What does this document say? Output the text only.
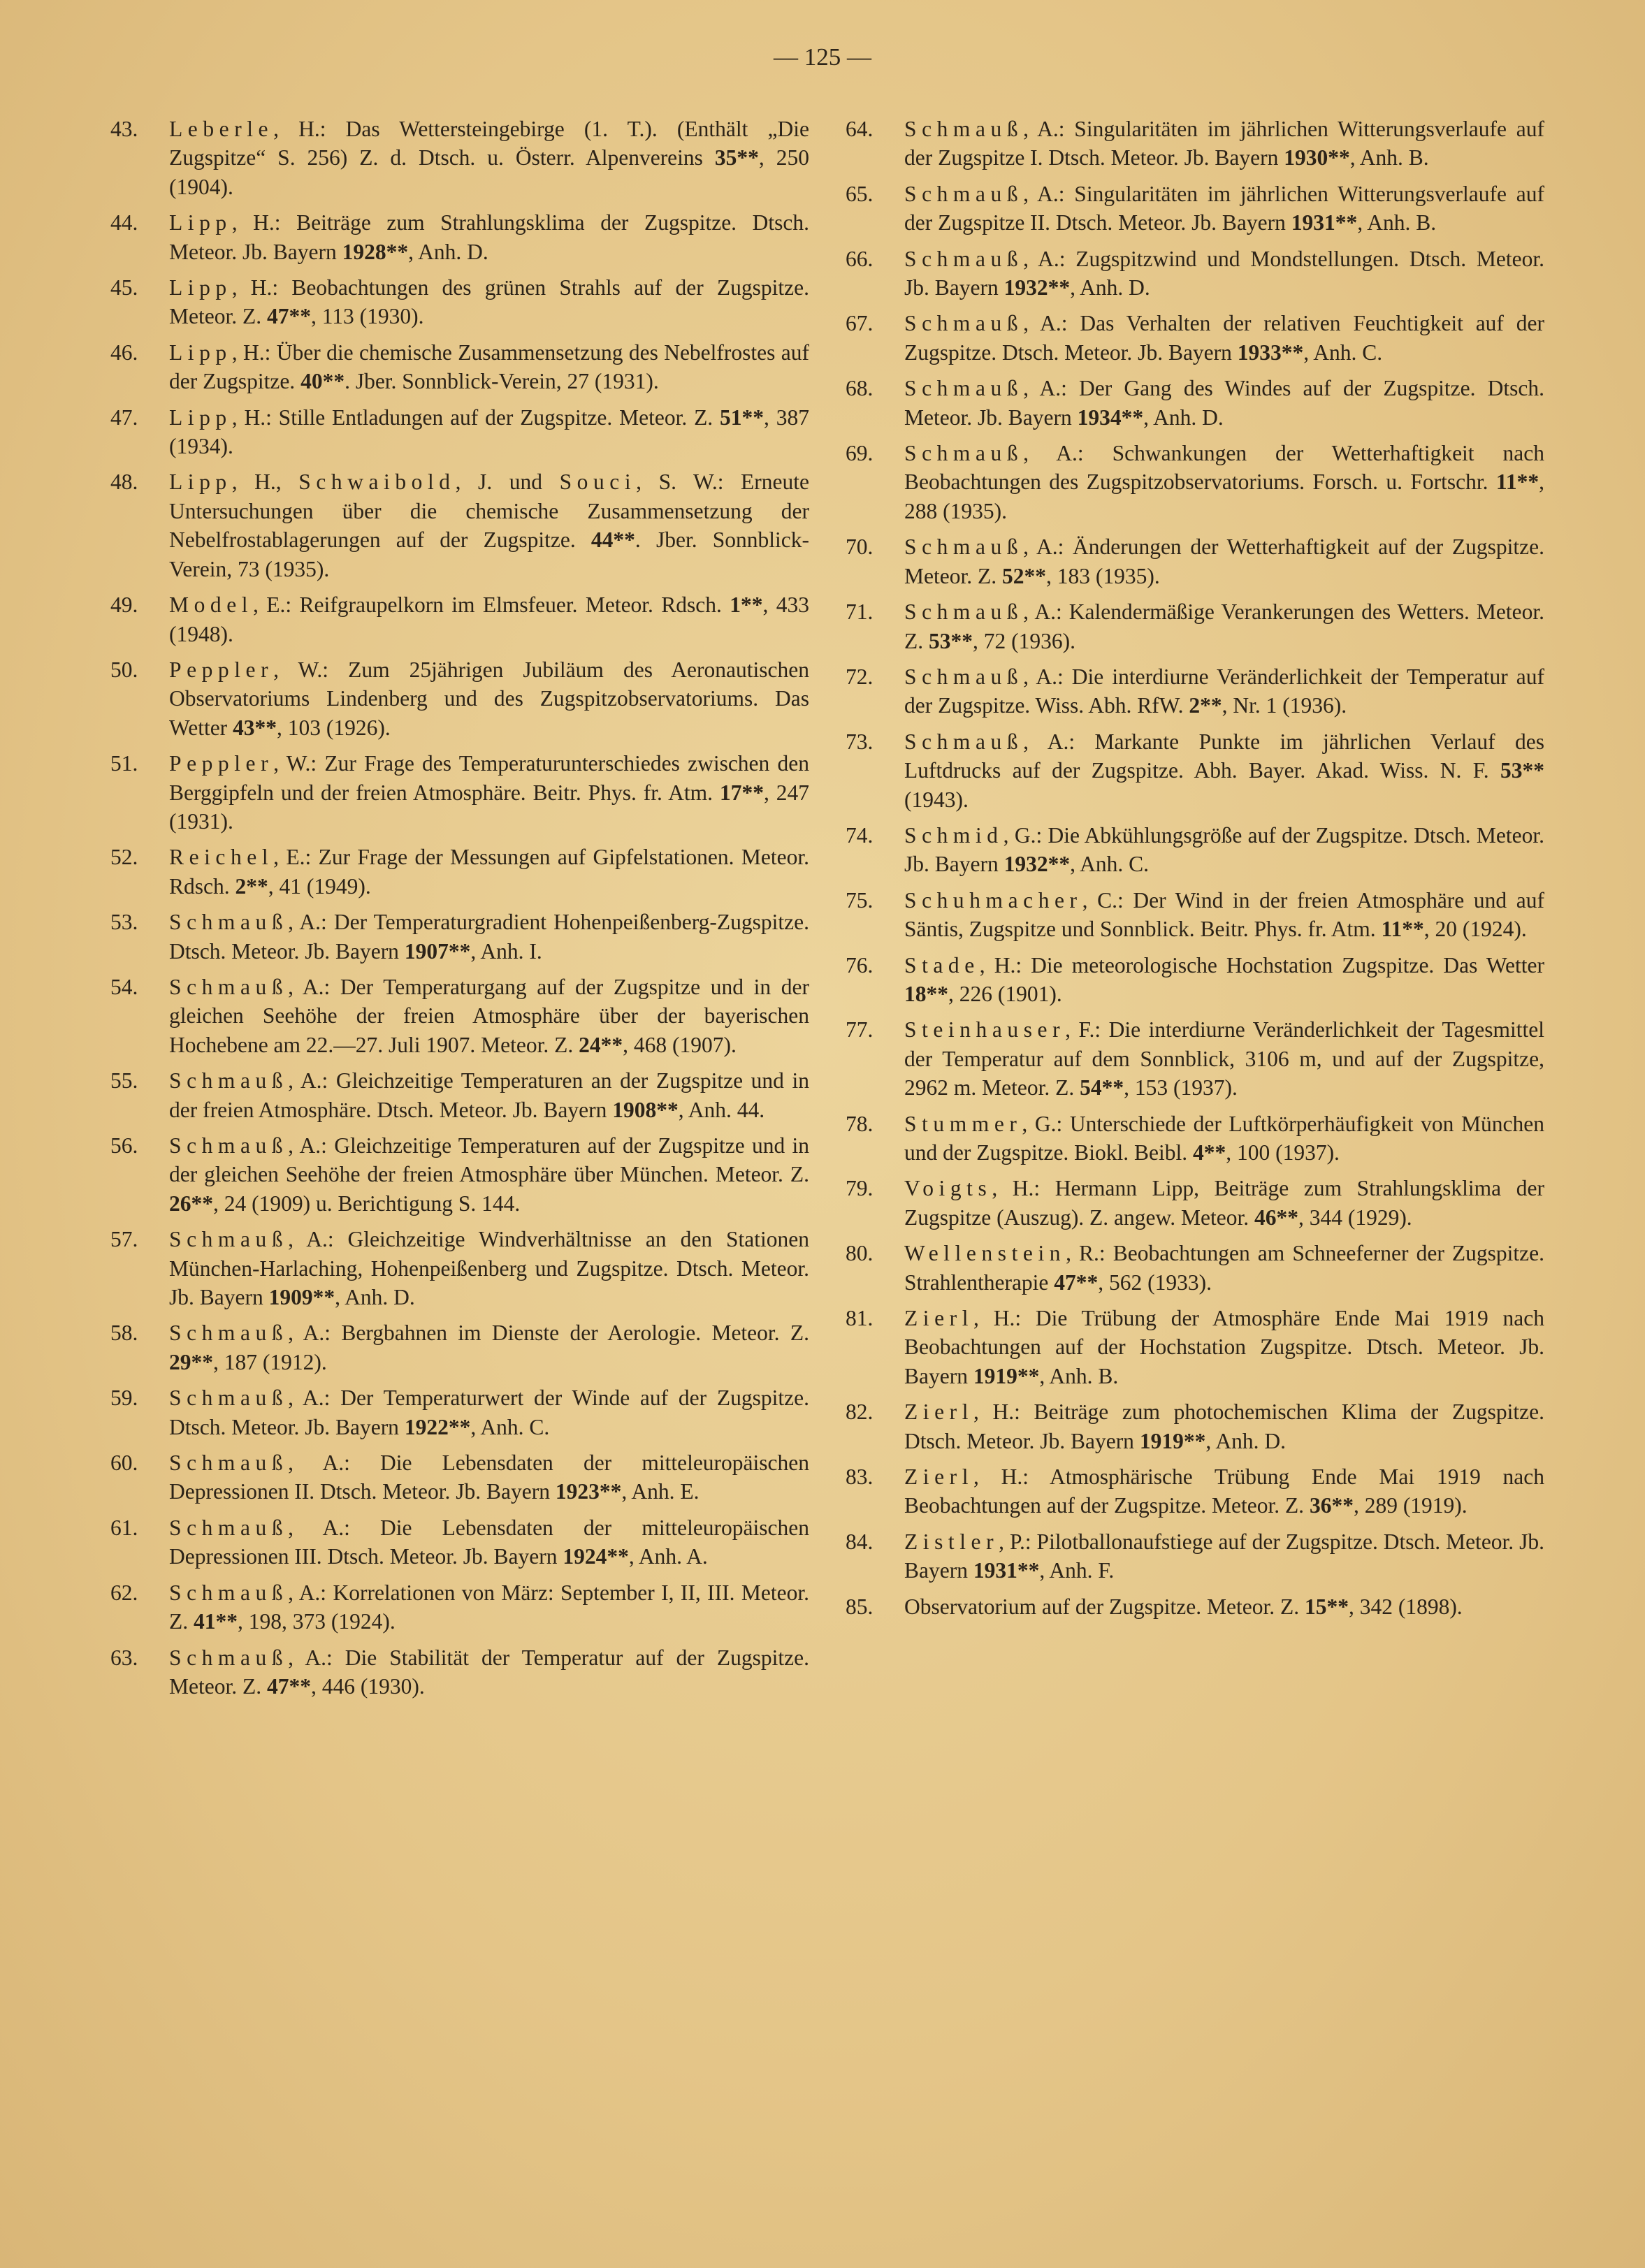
— 125 —
43. Leberle, H.: Das Wettersteingebirge (1. T.). (Enthält „Die Zugspitze“ S. 256) Z. d. Dtsch. u. Österr. Alpenvereins 35**, 250 (1904).
44. Lipp, H.: Beiträge zum Strahlungsklima der Zugspitze. Dtsch. Meteor. Jb. Bayern 1928**, Anh. D.
45. Lipp, H.: Beobachtungen des grünen Strahls auf der Zugspitze. Meteor. Z. 47**, 113 (1930).
46. Lipp, H.: Über die chemische Zusammensetzung des Nebelfrostes auf der Zugspitze. 40**. Jber. Sonnblick-Verein, 27 (1931).
47. Lipp, H.: Stille Entladungen auf der Zugspitze. Meteor. Z. 51**, 387 (1934).
48. Lipp, H., Schwaibold, J. und Souci, S. W.: Erneute Untersuchungen über die chemische Zusammensetzung der Nebelfrostablagerungen auf der Zugspitze. 44**. Jber. Sonnblick-Verein, 73 (1935).
49. Model, E.: Reifgraupelkorn im Elmsfeuer. Meteor. Rdsch. 1**, 433 (1948).
50. Peppler, W.: Zum 25jährigen Jubiläum des Aeronautischen Observatoriums Lindenberg und des Zugspitzobservatoriums. Das Wetter 43**, 103 (1926).
51. Peppler, W.: Zur Frage des Temperaturunterschiedes zwischen den Berggipfeln und der freien Atmosphäre. Beitr. Phys. fr. Atm. 17**, 247 (1931).
52. Reichel, E.: Zur Frage der Messungen auf Gipfelstationen. Meteor. Rdsch. 2**, 41 (1949).
53. Schmauß, A.: Der Temperaturgradient Hohenpeißenberg-Zugspitze. Dtsch. Meteor. Jb. Bayern 1907**, Anh. I.
54. Schmauß, A.: Der Temperaturgang auf der Zugspitze und in der gleichen Seehöhe der freien Atmosphäre über der bayerischen Hochebene am 22.—27. Juli 1907. Meteor. Z. 24**, 468 (1907).
55. Schmauß, A.: Gleichzeitige Temperaturen an der Zugspitze und in der freien Atmosphäre. Dtsch. Meteor. Jb. Bayern 1908**, Anh. 44.
56. Schmauß, A.: Gleichzeitige Temperaturen auf der Zugspitze und in der gleichen Seehöhe der freien Atmosphäre über München. Meteor. Z. 26**, 24 (1909) u. Berichtigung S. 144.
57. Schmauß, A.: Gleichzeitige Windverhältnisse an den Stationen München-Harlaching, Hohenpeißenberg und Zugspitze. Dtsch. Meteor. Jb. Bayern 1909**, Anh. D.
58. Schmauß, A.: Bergbahnen im Dienste der Aerologie. Meteor. Z. 29**, 187 (1912).
59. Schmauß, A.: Der Temperaturwert der Winde auf der Zugspitze. Dtsch. Meteor. Jb. Bayern 1922**, Anh. C.
60. Schmauß, A.: Die Lebensdaten der mitteleuropäischen Depressionen II. Dtsch. Meteor. Jb. Bayern 1923**, Anh. E.
61. Schmauß, A.: Die Lebensdaten der mitteleuropäischen Depressionen III. Dtsch. Meteor. Jb. Bayern 1924**, Anh. A.
62. Schmauß, A.: Korrelationen von März: September I, II, III. Meteor. Z. 41**, 198, 373 (1924).
63. Schmauß, A.: Die Stabilität der Temperatur auf der Zugspitze. Meteor. Z. 47**, 446 (1930).
64. Schmauß, A.: Singularitäten im jährlichen Witterungsverlaufe auf der Zugspitze I. Dtsch. Meteor. Jb. Bayern 1930**, Anh. B.
65. Schmauß, A.: Singularitäten im jährlichen Witterungsverlaufe auf der Zugspitze II. Dtsch. Meteor. Jb. Bayern 1931**, Anh. B.
66. Schmauß, A.: Zugspitzwind und Mondstellungen. Dtsch. Meteor. Jb. Bayern 1932**, Anh. D.
67. Schmauß, A.: Das Verhalten der relativen Feuchtigkeit auf der Zugspitze. Dtsch. Meteor. Jb. Bayern 1933**, Anh. C.
68. Schmauß, A.: Der Gang des Windes auf der Zugspitze. Dtsch. Meteor. Jb. Bayern 1934**, Anh. D.
69. Schmauß, A.: Schwankungen der Wetterhaftigkeit nach Beobachtungen des Zugspitzobservatoriums. Forsch. u. Fortschr. 11**, 288 (1935).
70. Schmauß, A.: Änderungen der Wetterhaftigkeit auf der Zugspitze. Meteor. Z. 52**, 183 (1935).
71. Schmauß, A.: Kalendermäßige Verankerungen des Wetters. Meteor. Z. 53**, 72 (1936).
72. Schmauß, A.: Die interdiurne Veränderlichkeit der Temperatur auf der Zugspitze. Wiss. Abh. RfW. 2**, Nr. 1 (1936).
73. Schmauß, A.: Markante Punkte im jährlichen Verlauf des Luftdrucks auf der Zugspitze. Abh. Bayer. Akad. Wiss. N. F. 53** (1943).
74. Schmid, G.: Die Abkühlungsgröße auf der Zugspitze. Dtsch. Meteor. Jb. Bayern 1932**, Anh. C.
75. Schuhmacher, C.: Der Wind in der freien Atmosphäre und auf Säntis, Zugspitze und Sonnblick. Beitr. Phys. fr. Atm. 11**, 20 (1924).
76. Stade, H.: Die meteorologische Hochstation Zugspitze. Das Wetter 18**, 226 (1901).
77. Steinhauser, F.: Die interdiurne Veränderlichkeit der Tagesmittel der Temperatur auf dem Sonnblick, 3106 m, und auf der Zugspitze, 2962 m. Meteor. Z. 54**, 153 (1937).
78. Stummer, G.: Unterschiede der Luftkörperhäufigkeit von München und der Zugspitze. Biokl. Beibl. 4**, 100 (1937).
79. Voigts, H.: Hermann Lipp, Beiträge zum Strahlungsklima der Zugspitze (Auszug). Z. angew. Meteor. 46**, 344 (1929).
80. Wellenstein, R.: Beobachtungen am Schneeferner der Zugspitze. Strahlentherapie 47**, 562 (1933).
81. Zierl, H.: Die Trübung der Atmosphäre Ende Mai 1919 nach Beobachtungen auf der Hochstation Zugspitze. Dtsch. Meteor. Jb. Bayern 1919**, Anh. B.
82. Zierl, H.: Beiträge zum photochemischen Klima der Zugspitze. Dtsch. Meteor. Jb. Bayern 1919**, Anh. D.
83. Zierl, H.: Atmosphärische Trübung Ende Mai 1919 nach Beobachtungen auf der Zugspitze. Meteor. Z. 36**, 289 (1919).
84. Zistler, P.: Pilotballonaufstiege auf der Zugspitze. Dtsch. Meteor. Jb. Bayern 1931**, Anh. F.
85. Observatorium auf der Zugspitze. Meteor. Z. 15**, 342 (1898).
